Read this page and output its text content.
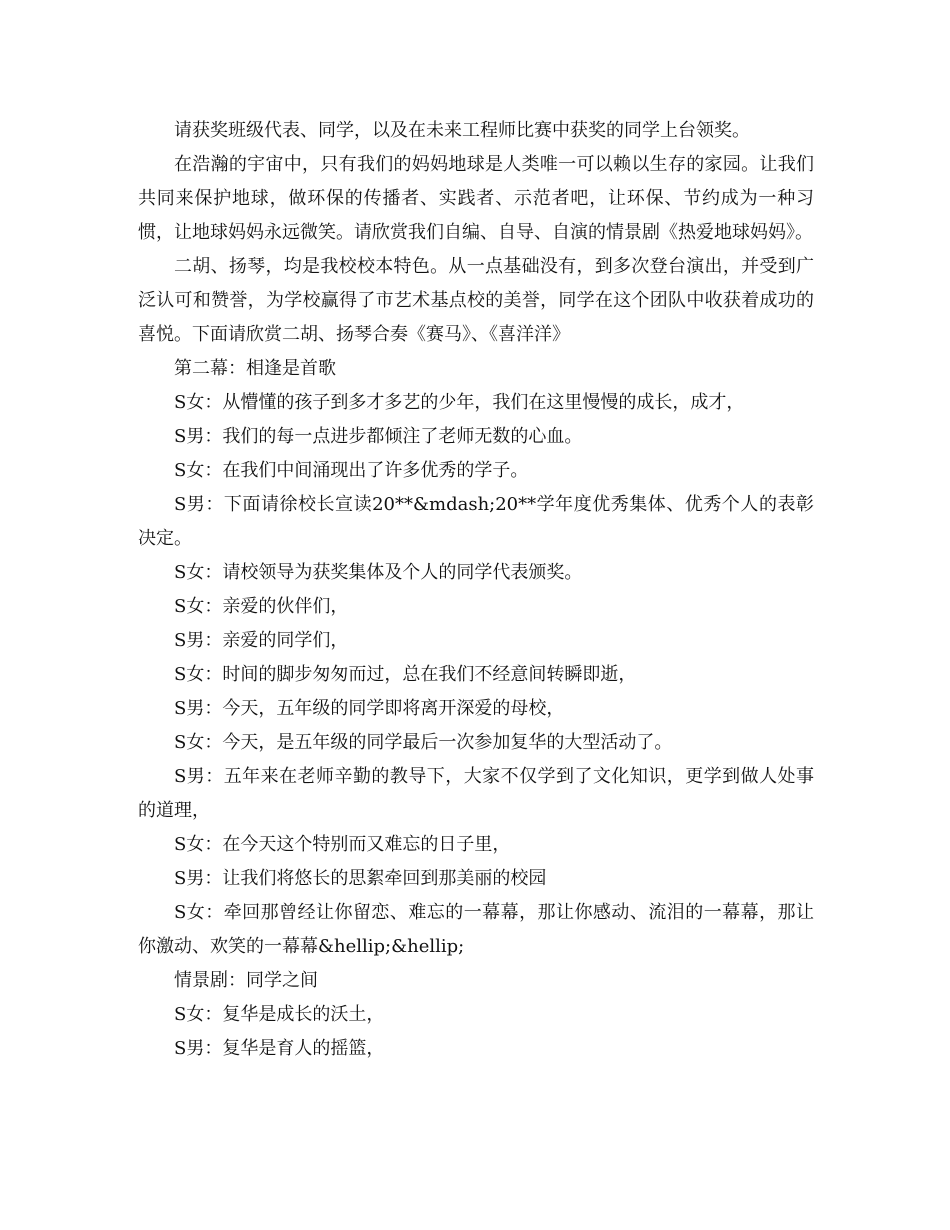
请获奖班级代表、同学，以及在未来工程师比赛中获奖的同学上台领奖。

在浩瀚的宇宙中，只有我们的妈妈地球是人类唯一可以赖以生存的家园。让我们共同来保护地球，做环保的传播者、实践者、示范者吧，让环保、节约成为一种习惯，让地球妈妈永远微笑。请欣赏我们自编、自导、自演的情景剧《热爱地球妈妈》。

二胡、扬琴，均是我校校本特色。从一点基础没有，到多次登台演出，并受到广泛认可和赞誉，为学校赢得了市艺术基点校的美誉，同学在这个团队中收获着成功的喜悦。下面请欣赏二胡、扬琴合奏《赛马》、《喜洋洋》

第二幕：相逢是首歌

S女：从懵懂的孩子到多才多艺的少年，我们在这里慢慢的成长，成才，

S男：我们的每一点进步都倾注了老师无数的心血。

S女：在我们中间涌现出了许多优秀的学子。

S男：下面请徐校长宣读20**&mdash;20**学年度优秀集体、优秀个人的表彰决定。

S女：请校领导为获奖集体及个人的同学代表颁奖。

S女：亲爱的伙伴们，

S男：亲爱的同学们，

S女：时间的脚步匆匆而过，总在我们不经意间转瞬即逝，

S男：今天，五年级的同学即将离开深爱的母校，

S女：今天，是五年级的同学最后一次参加复华的大型活动了。

S男：五年来在老师辛勤的教导下，大家不仅学到了文化知识，更学到做人处事的道理，

S女：在今天这个特别而又难忘的日子里，

S男：让我们将悠长的思絮牵回到那美丽的校园

S女：牵回那曾经让你留恋、难忘的一幕幕，那让你感动、流泪的一幕幕，那让你激动、欢笑的一幕幕&hellip;&hellip;

情景剧：同学之间

S女：复华是成长的沃土，

S男：复华是育人的摇篮，
